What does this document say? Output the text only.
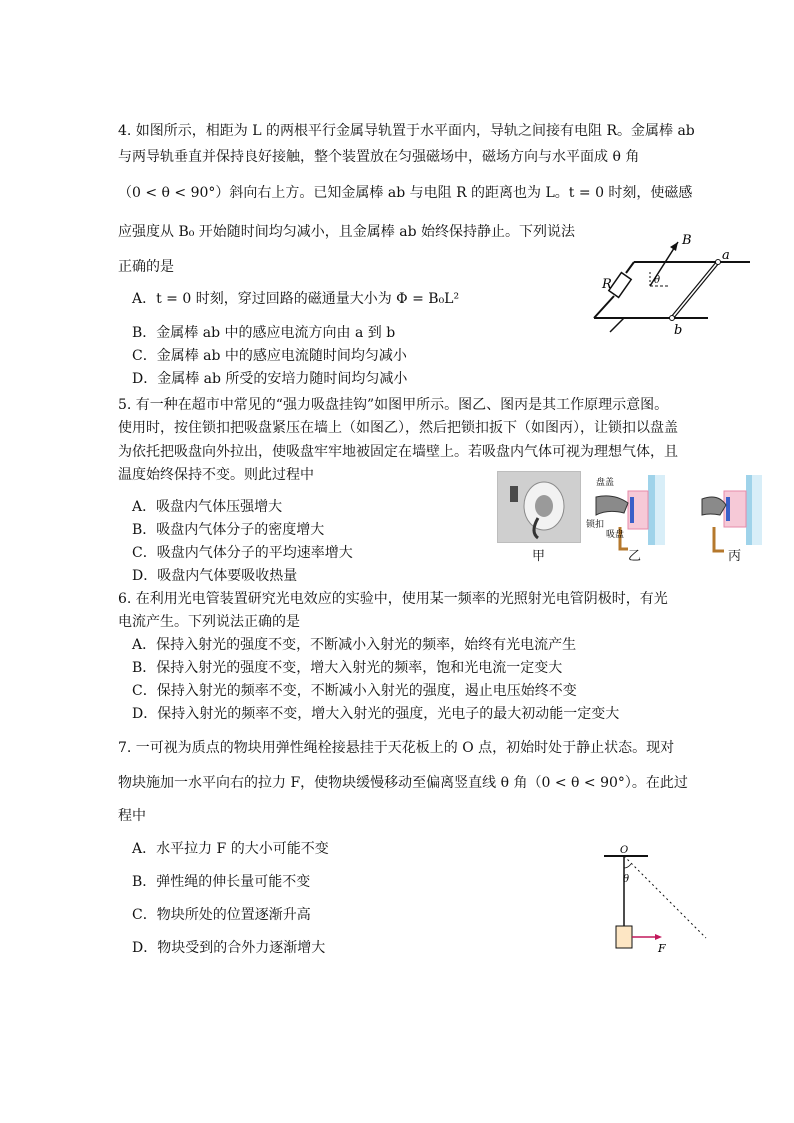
4. 如图所示，相距为 L 的两根平行金属导轨置于水平面内，导轨之间接有电阻 R。金属棒 ab
与两导轨垂直并保持良好接触，整个装置放在匀强磁场中，磁场方向与水平面成 θ 角
（0 < θ < 90°）斜向右上方。已知金属棒 ab 与电阻 R 的距离也为 L。t = 0 时刻，使磁感
应强度从 B₀ 开始随时间均匀减小，且金属棒 ab 始终保持静止。下列说法
正确的是
A．t = 0 时刻，穿过回路的磁通量大小为 Φ = B₀L²
B．金属棒 ab 中的感应电流方向由 a 到 b
C．金属棒 ab 中的感应电流随时间均匀减小
D．金属棒 ab 所受的安培力随时间均匀减小
B
θ
a
b
R
5. 有一种在超市中常见的“强力吸盘挂钩”如图甲所示。图乙、图丙是其工作原理示意图。
使用时，按住锁扣把吸盘紧压在墙上（如图乙），然后把锁扣扳下（如图丙），让锁扣以盘盖
为依托把吸盘向外拉出，使吸盘牢牢地被固定在墙壁上。若吸盘内气体可视为理想气体，且
温度始终保持不变。则此过程中
A．吸盘内气体压强增大
B．吸盘内气体分子的密度增大
C．吸盘内气体分子的平均速率增大
D．吸盘内气体要吸收热量
甲
盘盖
锁扣
吸盘
乙	丙
6. 在利用光电管装置研究光电效应的实验中，使用某一频率的光照射光电管阴极时，有光
电流产生。下列说法正确的是
A．保持入射光的强度不变，不断减小入射光的频率，始终有光电流产生
B．保持入射光的强度不变，增大入射光的频率，饱和光电流一定变大
C．保持入射光的频率不变，不断减小入射光的强度，遏止电压始终不变
D．保持入射光的频率不变，增大入射光的强度，光电子的最大初动能一定变大
7. 一可视为质点的物块用弹性绳栓接悬挂于天花板上的 O 点，初始时处于静止状态。现对
物块施加一水平向右的拉力 F，使物块缓慢移动至偏离竖直线 θ 角（0 < θ < 90°）。在此过
程中
A．水平拉力 F 的大小可能不变
B．弹性绳的伸长量可能不变
C．物块所处的位置逐渐升高
D．物块受到的合外力逐渐增大
O
θ
F
